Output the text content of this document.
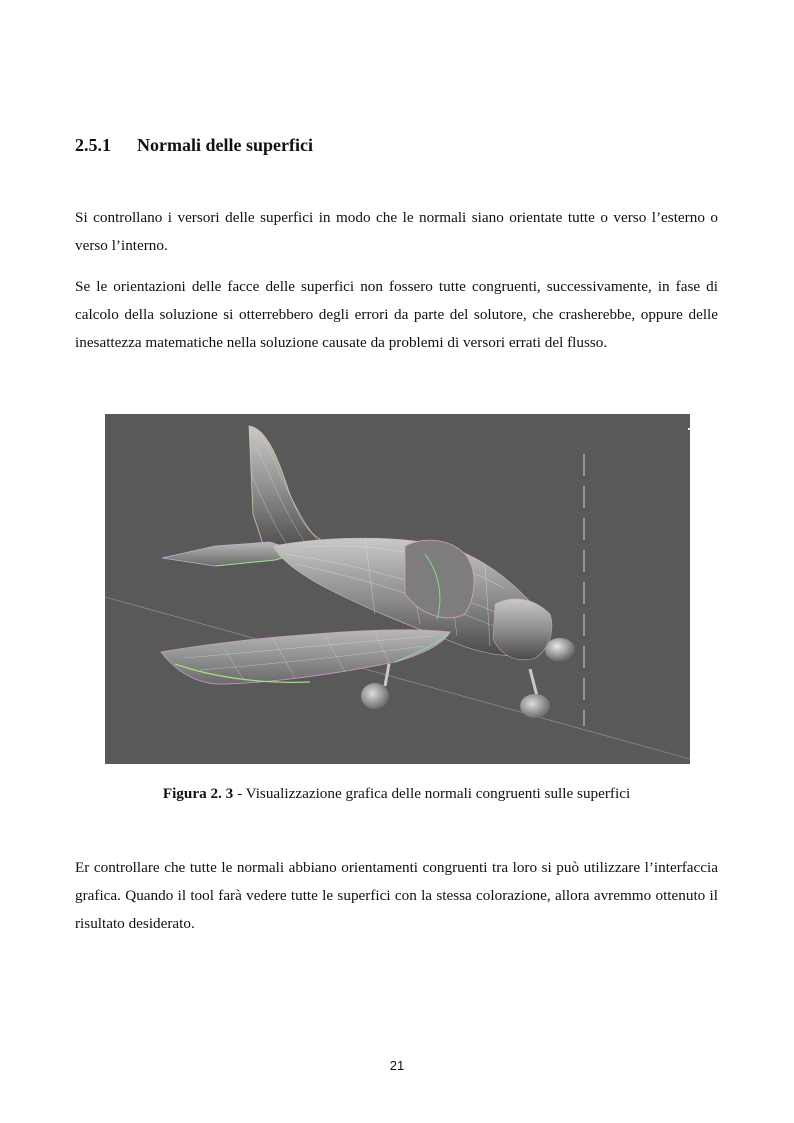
2.5.1	Normali delle superfici

Si controllano i versori delle superfici in modo che le normali siano orientate tutte o verso l’esterno o verso l’interno.

Se le orientazioni delle facce delle superfici non fossero tutte congruenti, successivamente, in fase di calcolo della soluzione si otterrebbero degli errori da parte del solutore, che crasherebbe, oppure delle inesattezza matematiche nella soluzione causate da problemi di versori errati del flusso.

Figura 2. 3 - Visualizzazione grafica delle normali congruenti sulle superfici

Er controllare che tutte le normali abbiano orientamenti congruenti tra loro si può utilizzare l’interfaccia grafica. Quando il tool farà vedere tutte le superfici con la stessa colorazione, allora avremmo ottenuto il risultato desiderato.

21
